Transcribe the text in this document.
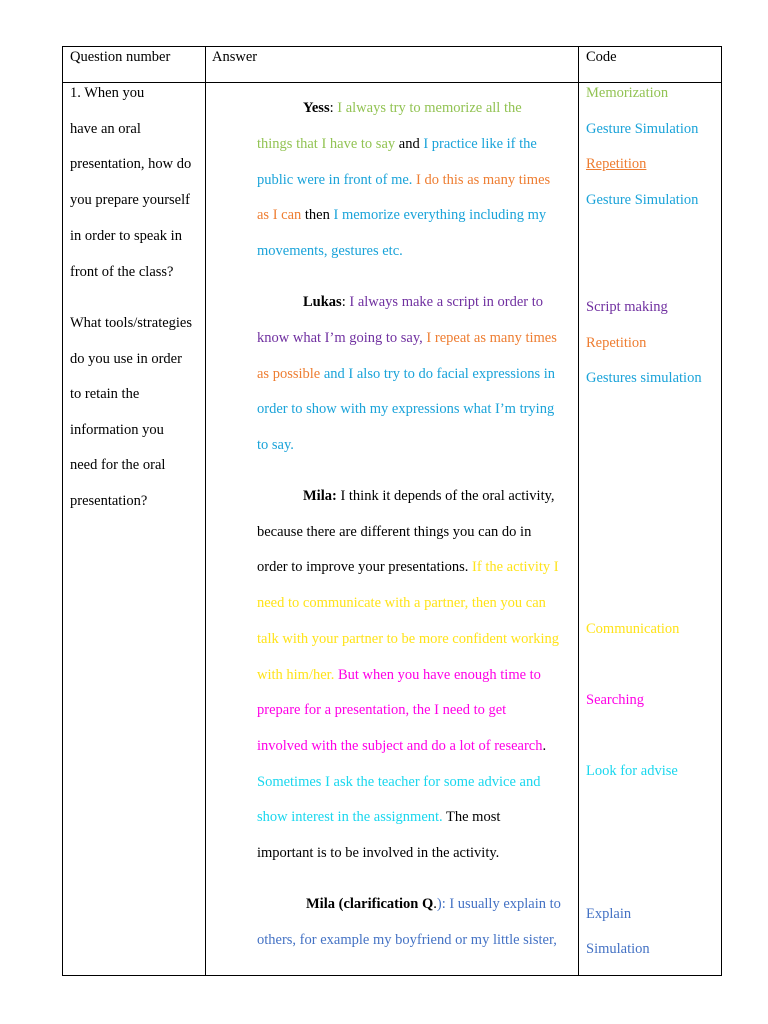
Question number	Answer	Code
1. When you
have an oral
presentation, how do
you prepare yourself
in order to speak in
front of the class?
What tools/strategies
do you use in order
to retain the
information you
need for the oral
presentation?
Yess: I always try to memorize all the
things that I have to say and I practice like if the
public were in front of me. I do this as many times
as I can then I memorize everything including my
movements, gestures etc.
Lukas: I always make a script in order to
know what I’m going to say, I repeat as many times
as possible and I also try to do facial expressions in
order to show with my expressions what I’m trying
to say.
Mila: I think it depends of the oral activity,
because there are different things you can do in
order to improve your presentations. If the activity I
need to communicate with a partner, then you can
talk with your partner to be more confident working
with him/her. But when you have enough time to
prepare for a presentation, the I need to get
involved with the subject and do a lot of research.
Sometimes I ask the teacher for some advice and
show interest in the assignment. The most
important is to be involved in the activity.
Mila (clarification Q.): I usually explain to
others, for example my boyfriend or my little sister,
Memorization
Gesture Simulation
Repetition
Gesture Simulation
Script making
Repetition
Gestures simulation
Communication
Searching
Look for advise
Explain
Simulation
